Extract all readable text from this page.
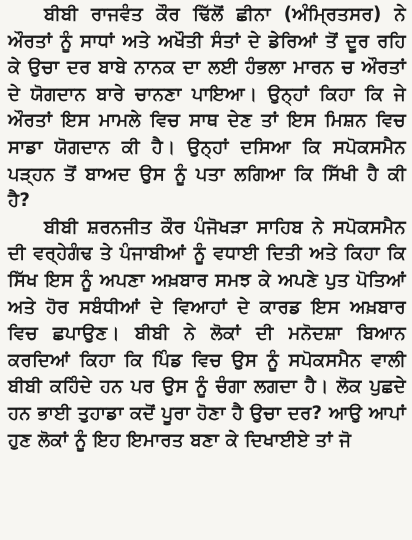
ਬੀਬੀ ਰਾਜਵੰਤ ਕੌਰ ਢਿੱਲੋਂ ਛੀਨਾ (ਅੰਮ੍ਰਿਤਸਰ) ਨੇ ਔਰਤਾਂ ਨੂੰ ਸਾਧਾਂ ਅਤੇ ਅਖੌਤੀ ਸੰਤਾਂ ਦੇ ਡੇਰਿਆਂ ਤੋਂ ਦੂਰ ਰਹਿ ਕੇ ਉਚਾ ਦਰ ਬਾਬੇ ਨਾਨਕ ਦਾ ਲਈ ਹੰਭਲਾ ਮਾਰਨ ਚ ਔਰਤਾਂ ਦੇ ਯੋਗਦਾਨ ਬਾਰੇ ਚਾਨਣਾ ਪਾਇਆ। ਉਨ੍ਹਾਂ ਕਿਹਾ ਕਿ ਜੇ ਔਰਤਾਂ ਇਸ ਮਾਮਲੇ ਵਿਚ ਸਾਥ ਦੇਣ ਤਾਂ ਇਸ ਮਿਸ਼ਨ ਵਿਚ ਸਾਡਾ ਯੋਗਦਾਨ ਕੀ ਹੈ। ਉਨ੍ਹਾਂ ਦਸਿਆ ਕਿ ਸਪੋਕਸਮੈਨ ਪੜ੍ਹਨ ਤੋਂ ਬਾਅਦ ਉਸ ਨੂੰ ਪਤਾ ਲਗਿਆ ਕਿ ਸਿੱਖੀ ਹੈ ਕੀ ਹੈ?

ਬੀਬੀ ਸ਼ਰਨਜੀਤ ਕੌਰ ਪੰਜੋਖੜਾ ਸਾਹਿਬ ਨੇ ਸਪੋਕਸਮੈਨ ਦੀ ਵਰ੍ਹੇਗੰਢ ਤੇ ਪੰਜਾਬੀਆਂ ਨੂੰ ਵਧਾਈ ਦਿਤੀ ਅਤੇ ਕਿਹਾ ਕਿ ਸਿੱਖ ਇਸ ਨੂੰ ਅਪਣਾ ਅਖ਼ਬਾਰ ਸਮਝ ਕੇ ਅਪਣੇ ਪੁਤ ਪੋਤਿਆਂ ਅਤੇ ਹੋਰ ਸਬੰਧੀਆਂ ਦੇ ਵਿਆਹਾਂ ਦੇ ਕਾਰਡ ਇਸ ਅਖ਼ਬਾਰ ਵਿਚ ਛਪਾਉਣ। ਬੀਬੀ ਨੇ ਲੋਕਾਂ ਦੀ ਮਨੋਦਸ਼ਾ ਬਿਆਨ ਕਰਦਿਆਂ ਕਿਹਾ ਕਿ ਪਿੰਡ ਵਿਚ ਉਸ ਨੂੰ ਸਪੋਕਸਮੈਨ ਵਾਲੀ ਬੀਬੀ ਕਹਿੰਦੇ ਹਨ ਪਰ ਉਸ ਨੂੰ ਚੰਗਾ ਲਗਦਾ ਹੈ। ਲੋਕ ਪੁਛਦੇ ਹਨ ਭਾਈ ਤੁਹਾਡਾ ਕਦੋਂ ਪੂਰਾ ਹੋਣਾ ਹੈ ਉਚਾ ਦਰ? ਆਉ ਆਪਾਂ ਹੁਣ ਲੋਕਾਂ ਨੂੰ ਇਹ ਇਮਾਰਤ ਬਣਾ ਕੇ ਦਿਖਾਈਏ ਤਾਂ ਜੋ
